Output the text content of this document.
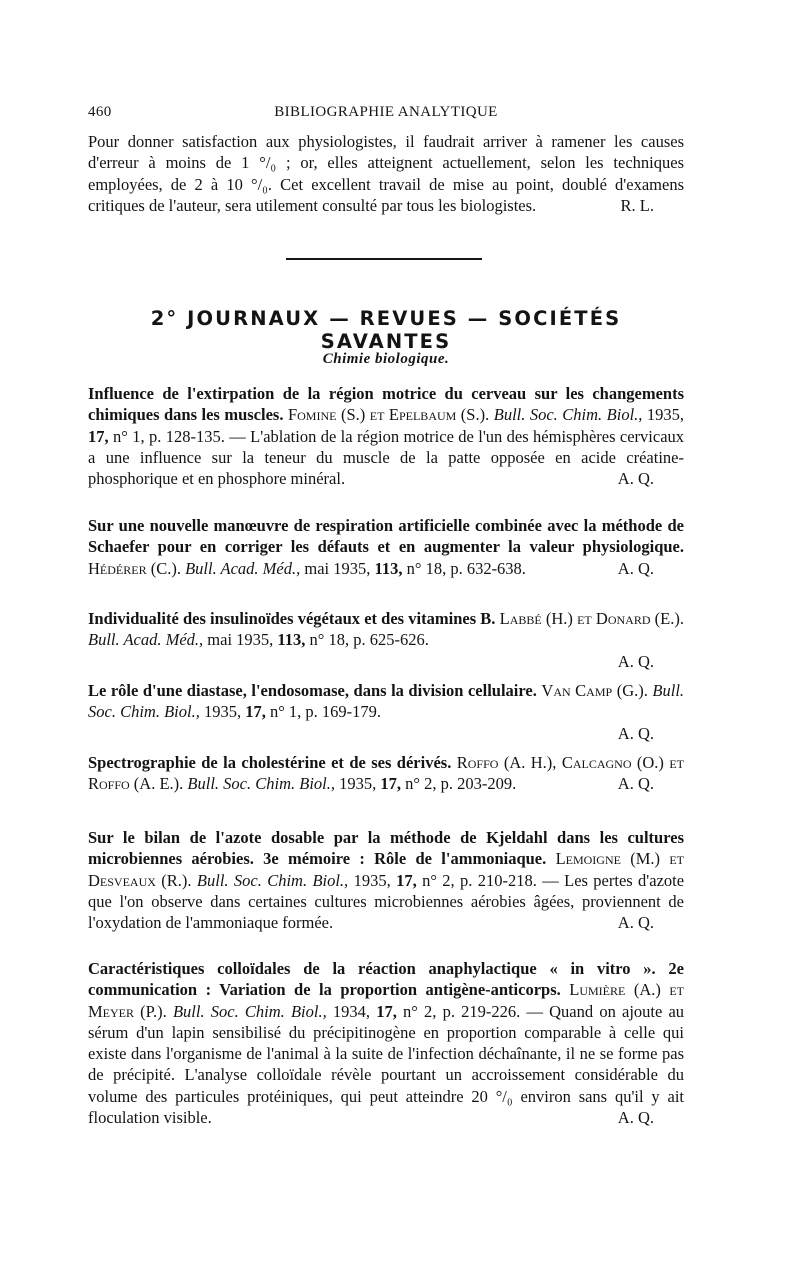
460	BIBLIOGRAPHIE ANALYTIQUE
Pour donner satisfaction aux physiologistes, il faudrait arriver à ramener les causes d'erreur à moins de 1 °/₀ ; or, elles atteignent actuellement, selon les techniques employées, de 2 à 10 °/₀. Cet excellent travail de mise au point, doublé d'examens critiques de l'auteur, sera utilement consulté par tous les biologistes.	R. L.
2° JOURNAUX — REVUES — SOCIÉTÉS SAVANTES
Chimie biologique.
Influence de l'extirpation de la région motrice du cerveau sur les changements chimiques dans les muscles. Fomine (S.) et Epelbaum (S.). Bull. Soc. Chim. Biol., 1935, 17, n° 1, p. 128-135. — L'ablation de la région motrice de l'un des hémisphères cervicaux a une influence sur la teneur du muscle de la patte opposée en acide créatine-phosphorique et en phosphore minéral.	A. Q.
Sur une nouvelle manœuvre de respiration artificielle combinée avec la méthode de Schaefer pour en corriger les défauts et en augmenter la valeur physiologique. Hédérer (C.). Bull. Acad. Méd., mai 1935, 113, n° 18, p. 632-638.	A. Q.
Individualité des insulinoïdes végétaux et des vitamines B. Labbé (H.) et Donard (E.). Bull. Acad. Méd., mai 1935, 113, n° 18, p. 625-626.
A. Q.
Le rôle d'une diastase, l'endosomase, dans la division cellulaire. Van Camp (G.). Bull. Soc. Chim. Biol., 1935, 17, n° 1, p. 169-179.
A. Q.
Spectrographie de la cholestérine et de ses dérivés. Roffo (A. H.), Calcagno (O.) et Roffo (A. E.). Bull. Soc. Chim. Biol., 1935, 17, n° 2, p. 203-209.	A. Q.
Sur le bilan de l'azote dosable par la méthode de Kjeldahl dans les cultures microbiennes aérobies. 3e mémoire : Rôle de l'ammoniaque. Lemoigne (M.) et Desveaux (R.). Bull. Soc. Chim. Biol., 1935, 17, n° 2, p. 210-218. — Les pertes d'azote que l'on observe dans certaines cultures microbiennes aérobies âgées, proviennent de l'oxydation de l'ammoniaque formée.	A. Q.
Caractéristiques colloïdales de la réaction anaphylactique « in vitro ». 2e communication : Variation de la proportion antigène-anticorps. Lumière (A.) et Meyer (P.). Bull. Soc. Chim. Biol., 1934, 17, n° 2, p. 219-226. — Quand on ajoute au sérum d'un lapin sensibilisé du précipitinogène en proportion comparable à celle qui existe dans l'organisme de l'animal à la suite de l'infection déchaînante, il ne se forme pas de précipité. L'analyse colloïdale révèle pourtant un accroissement considérable du volume des particules protéiniques, qui peut atteindre 20 °/₀ environ sans qu'il y ait floculation visible.	A. Q.
